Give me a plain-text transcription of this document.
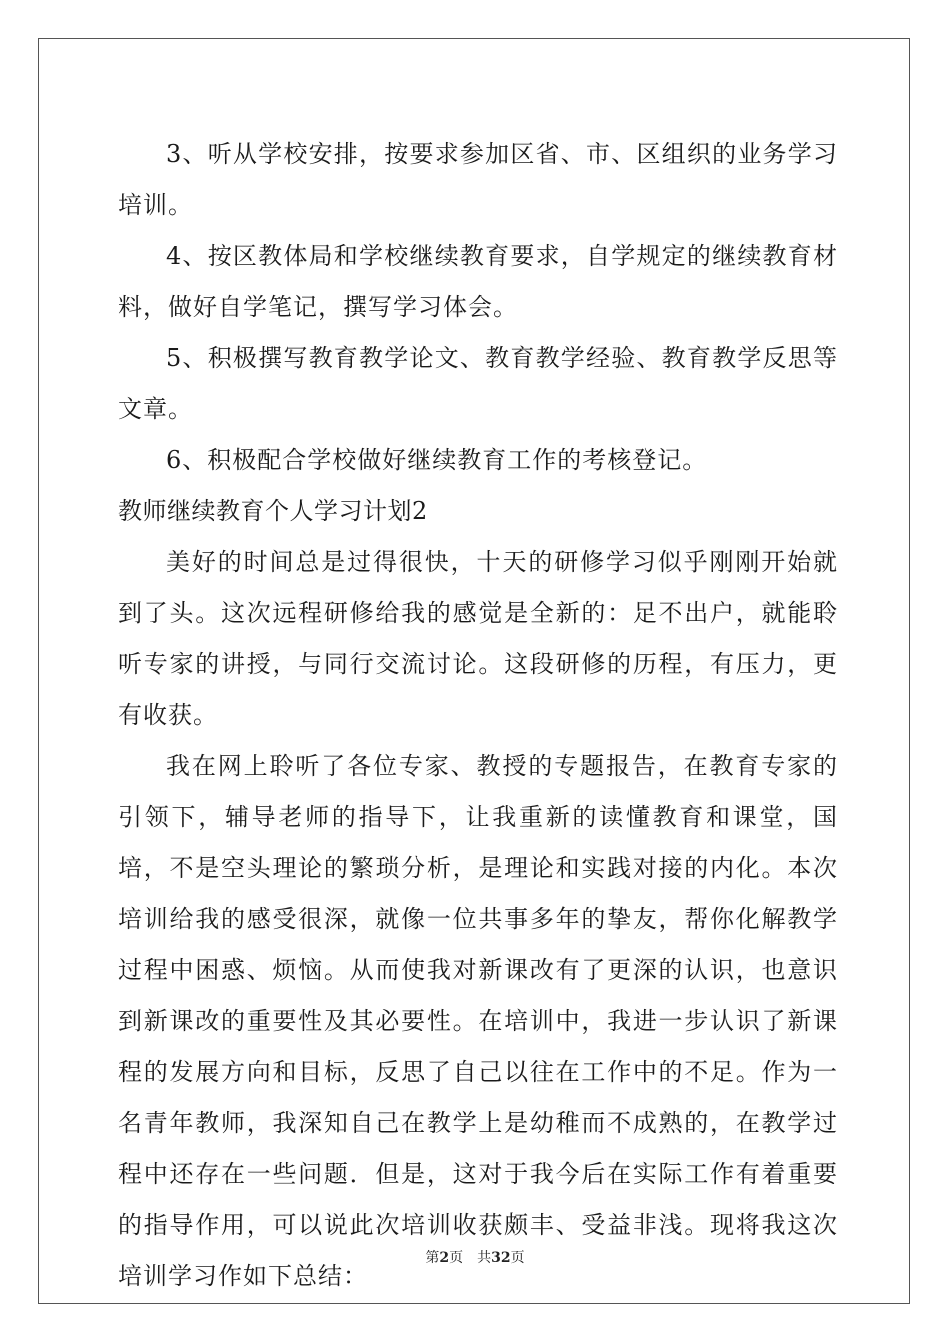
3、听从学校安排，按要求参加区省、市、区组织的业务学习培训。

4、按区教体局和学校继续教育要求，自学规定的继续教育材料，做好自学笔记，撰写学习体会。

5、积极撰写教育教学论文、教育教学经验、教育教学反思等文章。

6、积极配合学校做好继续教育工作的考核登记。

教师继续教育个人学习计划2

美好的时间总是过得很快，十天的研修学习似乎刚刚开始就到了头。这次远程研修给我的感觉是全新的：足不出户，就能聆听专家的讲授，与同行交流讨论。这段研修的历程，有压力，更有收获。

我在网上聆听了各位专家、教授的专题报告，在教育专家的引领下，辅导老师的指导下，让我重新的读懂教育和课堂，国培，不是空头理论的繁琐分析，是理论和实践对接的内化。本次培训给我的感受很深，就像一位共事多年的挚友，帮你化解教学过程中困惑、烦恼。从而使我对新课改有了更深的认识，也意识到新课改的重要性及其必要性。在培训中，我进一步认识了新课程的发展方向和目标，反思了自己以往在工作中的不足。作为一名青年教师，我深知自己在教学上是幼稚而不成熟的，在教学过程中还存在一些问题．但是，这对于我今后在实际工作有着重要的指导作用，可以说此次培训收获颇丰、受益非浅。现将我这次培训学习作如下总结：

第2页　共32页
